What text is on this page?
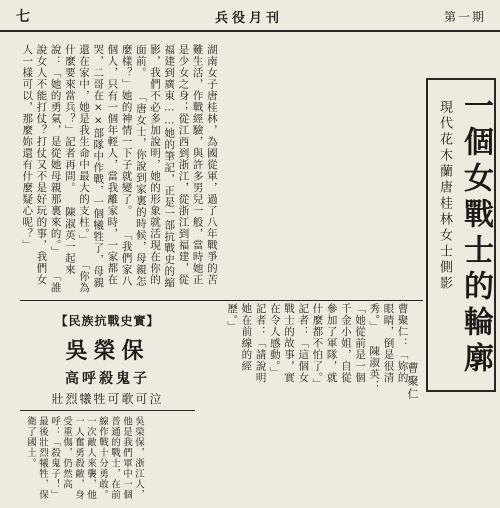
七	兵役月刊	第一期
一個女戰士的輪廓
現代花木蘭唐桂林女士側影
曹聚仁
湖南女子唐桂林，為國從軍，過了八年戰爭的苦難生活，作戰經驗，與許多男兒一般，當時她正是少女之身；從江西到浙江，從浙江到福建，從福建到廣東……她的筆記，正是一部抗戰史的縮影，我們不必多加說明，她的形象就活現在你的面前。 「唐女士，你說到家裏的時候，母親怎麼樣？」她的神情一下子就變了。 「我們家八個人，只有一個年輕人，當我離家時，一家都在哭，二哥在××部隊中作戰，一個犧牲了，母親還在家中，她是我生命中最大的支柱。」 「你為什麼要來當兵？」記者再問。 陳淑英一起來說：「她的勇氣，是從她母親那裏來的。」 「誰說女人不能打仗？打仗又不是好玩的事，我們女人一樣可以，那麼妳還有什麼疑心呢？」
曹聚仁：「妳的眼睛，倒是很清秀。」 陳淑英：「她從前是一個千金小姐，自從參加了軍隊，就什麼都不怕了。」 記者：「這個女戰士的故事，實在令人感動。」 記者：「請說明她在前線的經歷。」
【民族抗戰史實】
吳榮保
高呼殺鬼子
壯烈犧牲可歌可泣
吳榮保，浙江人，他是我們軍中一個普通的戰士，在前線作戰十分勇敢。一次敵人來襲，他一人奮勇殺敵，身受重傷，仍然高呼：「殺鬼子！」最後壯烈犧牲，保衛了國土。
